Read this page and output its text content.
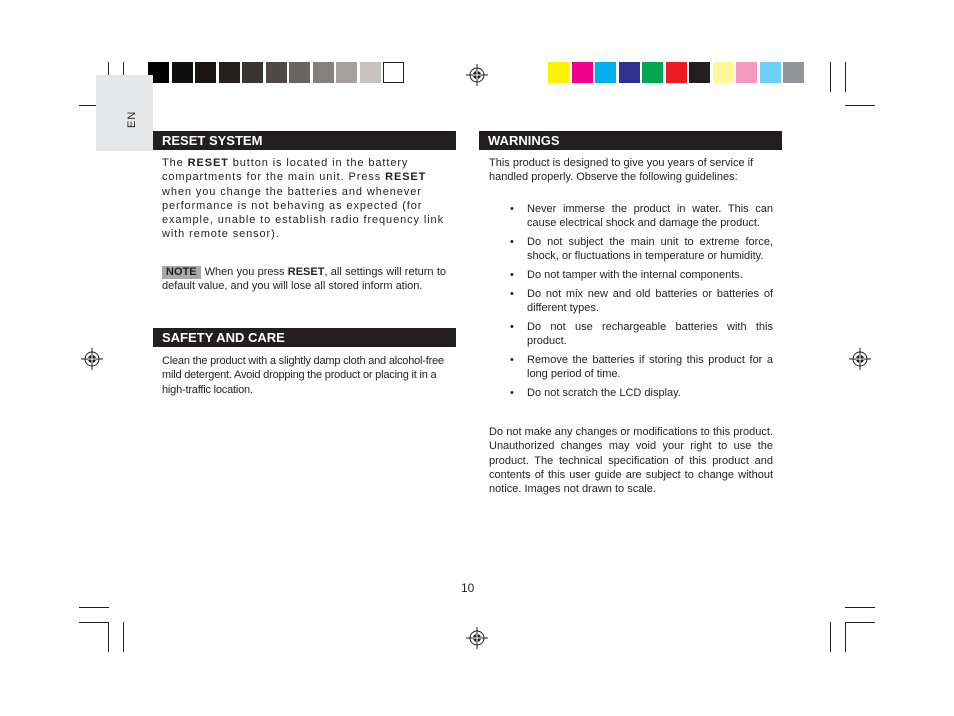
EN
RESET SYSTEM
The RESET button is located in the battery compartments for the main unit. Press RESET when you change the batteries and whenever performance is not behaving as expected (for example, unable to establish radio frequency link with remote sensor).
NOTE When you press RESET, all settings will return to default value, and you will lose all stored inform ation.
SAFETY AND CARE
Clean the product with a slightly damp cloth and alcohol-free mild detergent. Avoid dropping the product or placing it in a high-traffic location.
WARNINGS
This product is designed to give you years of service if handled properly. Observe the following guidelines:
• Never immerse the product in water. This can cause electrical shock and damage the product.
• Do not subject the main unit to extreme force, shock, or fluctuations in temperature or humidity.
• Do not tamper with the internal components.
• Do not mix new and old batteries or batteries of different types.
• Do not use rechargeable batteries with this product.
• Remove the batteries if storing this product for a long period of time.
• Do not scratch the LCD display.
Do not make any changes or modifications to this product. Unauthorized changes may void your right to use the product. The technical specification of this product and contents of this user guide are subject to change without notice. Images not drawn to scale.
10
